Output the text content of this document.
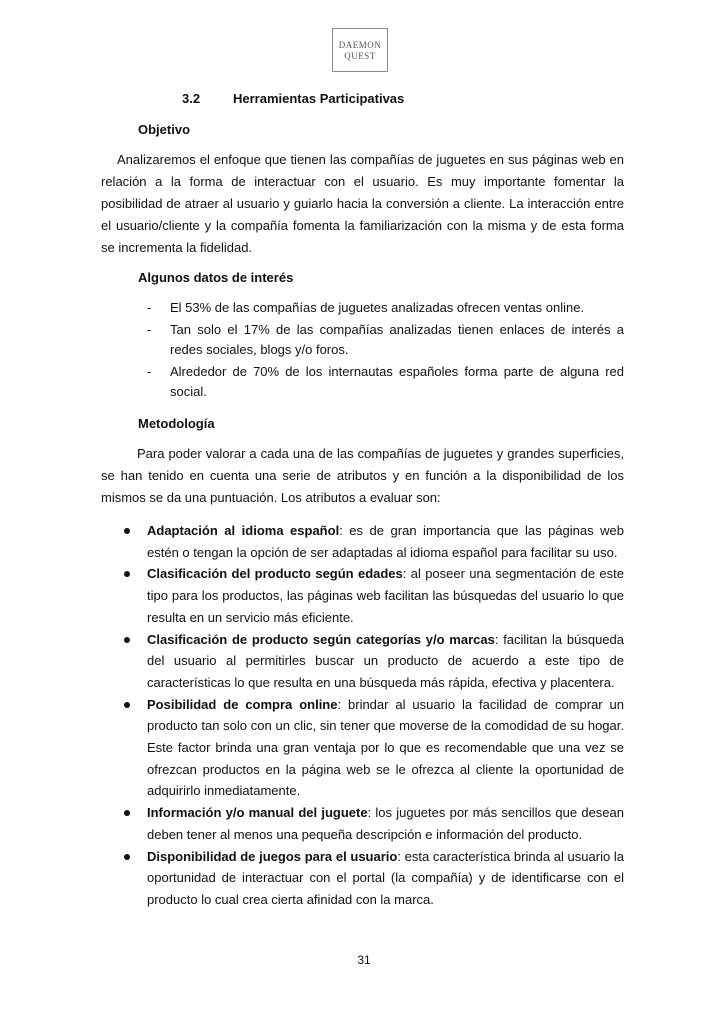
DAEMON
QUEST
3.2	Herramientas Participativas
Objetivo

Analizaremos el enfoque que tienen las compañías de juguetes en sus páginas web en relación a la forma de interactuar con el usuario. Es muy importante fomentar la posibilidad de atraer al usuario y guiarlo hacia la conversión a cliente. La interacción entre el usuario/cliente y la compañía fomenta la familiarización con la misma y de esta forma se incrementa la fidelidad.

Algunos datos de interés
- El 53% de las compañías de juguetes analizadas ofrecen ventas online.
- Tan solo el 17% de las compañías analizadas tienen enlaces de interés a redes sociales, blogs y/o foros.
- Alrededor de 70% de los internautas españoles forma parte de alguna red social.
Metodología

Para poder valorar a cada una de las compañías de juguetes y grandes superficies, se han tenido en cuenta una serie de atributos y en función a la disponibilidad de los mismos se da una puntuación. Los atributos a evaluar son:

Adaptación al idioma español: es de gran importancia que las páginas web estén o tengan la opción de ser adaptadas al idioma español para facilitar su uso.
Clasificación del producto según edades: al poseer una segmentación de este tipo para los productos, las páginas web facilitan las búsquedas del usuario lo que resulta en un servicio más eficiente.
Clasificación de producto según categorías y/o marcas: facilitan la búsqueda del usuario al permitirles buscar un producto de acuerdo a este tipo de características lo que resulta en una búsqueda más rápida, efectiva y placentera.
Posibilidad de compra online: brindar al usuario la facilidad de comprar un producto tan solo con un clic, sin tener que moverse de la comodidad de su hogar. Este factor brinda una gran ventaja por lo que es recomendable que una vez se ofrezcan productos en la página web se le ofrezca al cliente la oportunidad de adquirirlo inmediatamente.
Información y/o manual del juguete: los juguetes por más sencillos que desean deben tener al menos una pequeña descripción e información del producto.
Disponibilidad de juegos para el usuario: esta característica brinda al usuario la oportunidad de interactuar con el portal (la compañía) y de identificarse con el producto lo cual crea cierta afinidad con la marca.
31
